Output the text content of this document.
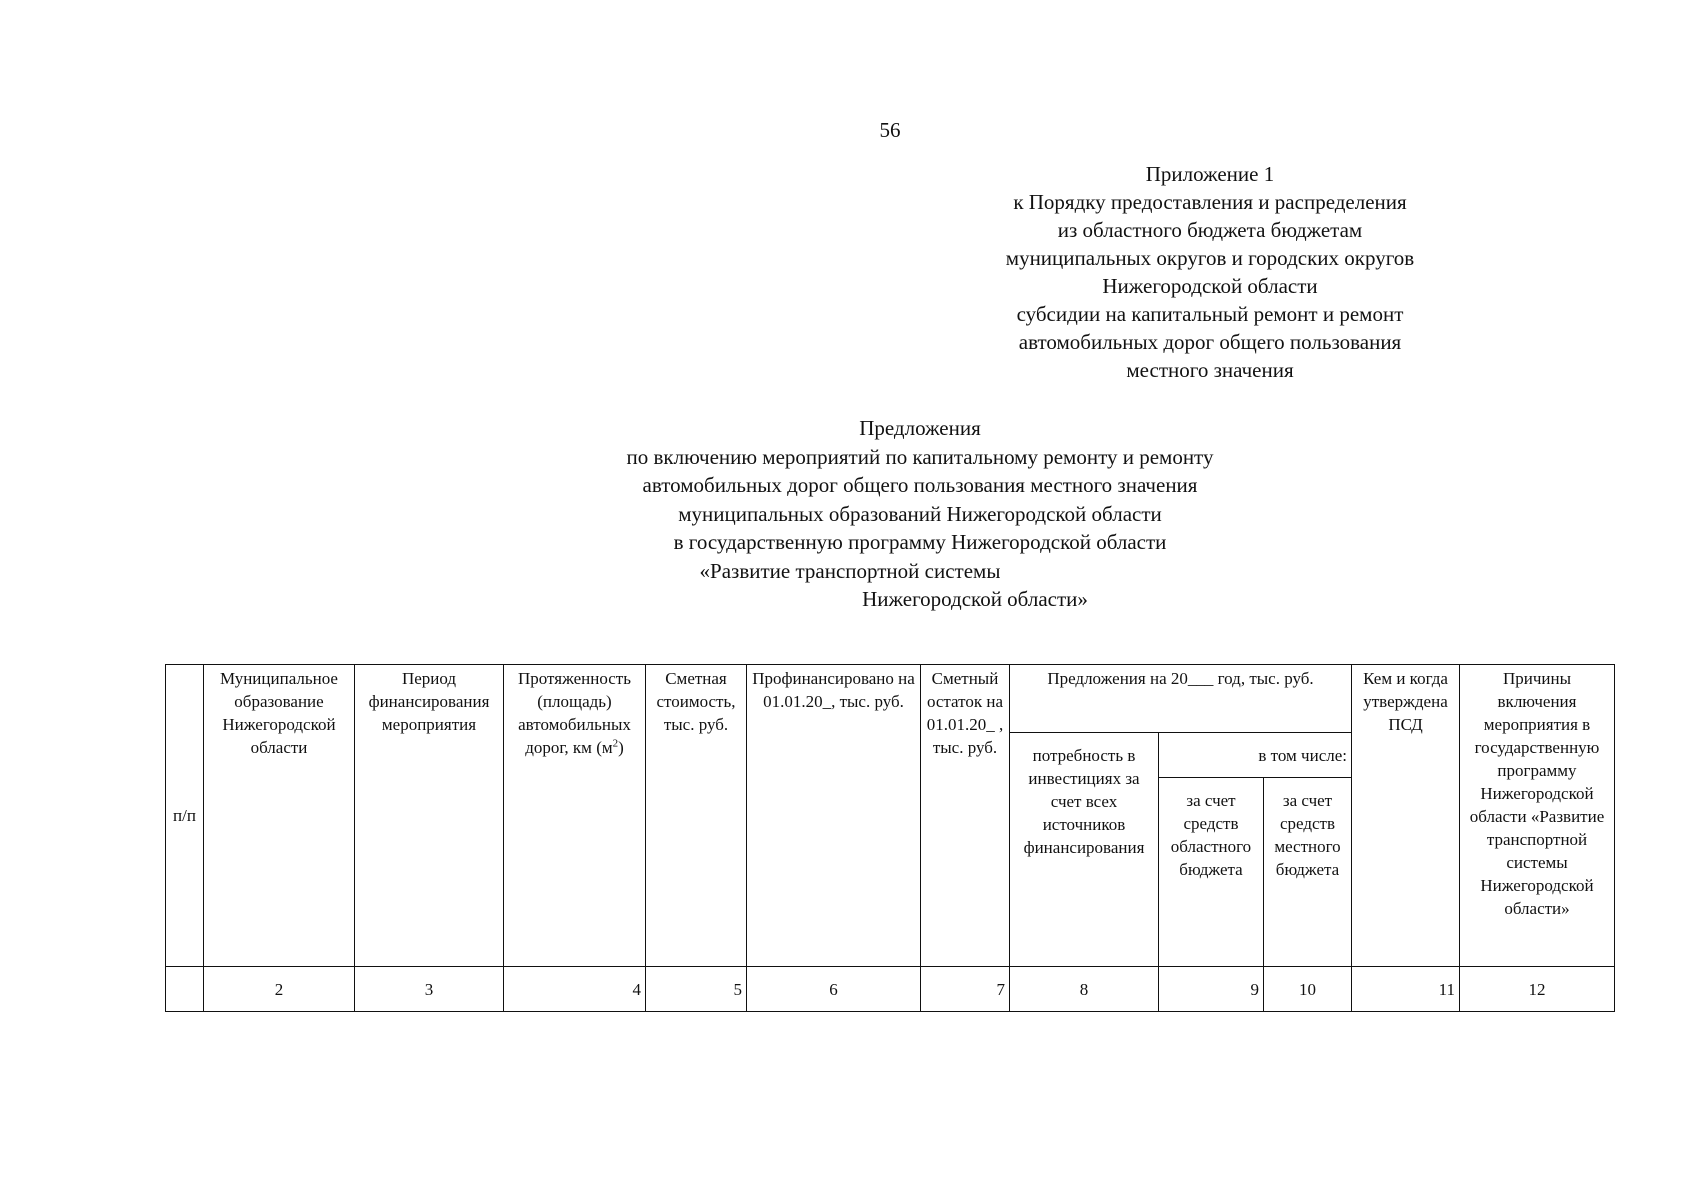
56
Приложение 1
к Порядку предоставления и распределения
из областного бюджета бюджетам
муниципальных округов и городских округов
Нижегородской области
субсидии на капитальный ремонт и ремонт
автомобильных дорог общего пользования
местного значения
Предложения
по включению мероприятий по капитальному ремонту и ремонту
автомобильных дорог общего пользования местного значения
муниципальных образований Нижегородской области
в государственную программу Нижегородской области
«Развитие транспортной системы
Нижегородской области»
п/п	Муниципальное образование Нижегородской области	Период финансирования мероприятия	Протяженность (площадь) автомобильных дорог, км $(м^2)$	Сметная стоимость, тыс. руб.	Профинансировано на 01.01.20_, тыс. руб.	Сметный остаток на 01.01.20_ , тыс. руб.	Предложения на 20___ год, тыс. руб.			Кем и когда утверждена ПСД	Причины включения мероприятия в государственную программу Нижегородской области «Развитие транспортной системы Нижегородской области»
							потребность в инвестициях за счет всех источников финансирования	в том числе:			
								за счет средств областного бюджета	за счет средств местного бюджета		
	2	3	4	5	6	7	8	9	10	11	12
